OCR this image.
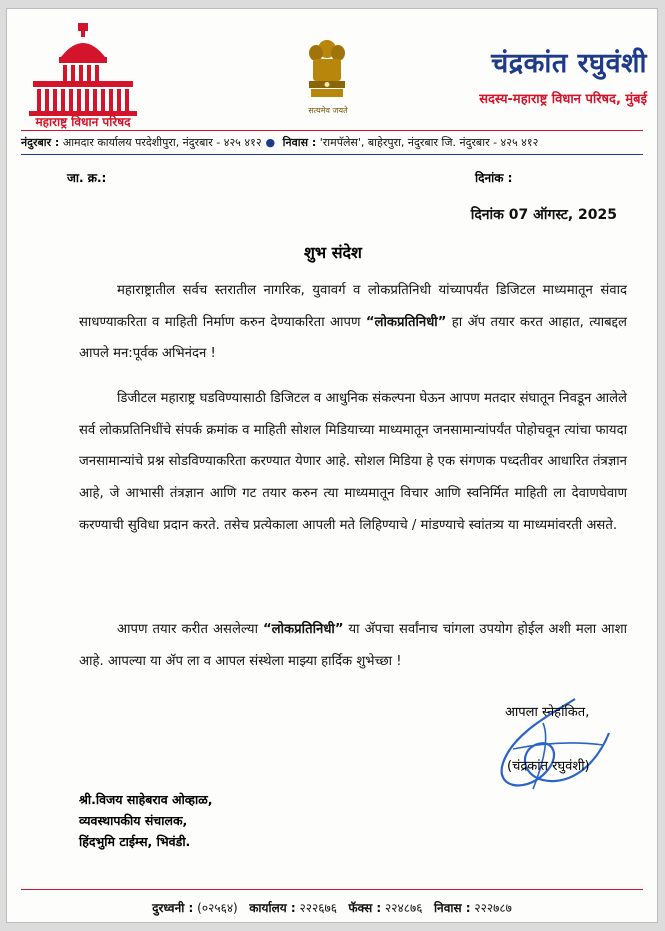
महाराष्ट्र विधान परिषद
सत्यमेव जयते
चंद्रकांत रघुवंशी
सदस्य-महाराष्ट्र विधान परिषद, मुंबई
नंदुरबार : आमदार कार्यालय परदेशीपुरा, नंदुरबार - ४२५ ४१२ ● निवास : 'रामपॅलेस', बाहेरपुरा, नंदुरबार जि. नंदुरबार - ४२५ ४१२
जा. क्र.:	दिनांक :
दिनांक 07 ऑगस्ट, 2025
शुभ संदेश

महाराष्ट्रातील सर्वच स्तरातील नागरिक, युवावर्ग व लोकप्रतिनिधी यांच्यापर्यंत डिजिटल माध्यमातून संवाद साधण्याकरिता व माहिती निर्माण करुन देण्याकरिता आपण “लोकप्रतिनिधी” हा ॲप तयार करत आहात, त्याबद्दल आपले मन:पूर्वक अभिनंदन !

डिजीटल महाराष्ट्र घडविण्यासाठी डिजिटल व आधुनिक संकल्पना घेऊन आपण मतदार संघातून निवडून आलेले सर्व लोकप्रतिनिधींचे संपर्क क्रमांक व माहिती सोशल मिडियाच्या माध्यमातून जनसामान्यांपर्यंत पोहोचवून त्यांचा फायदा जनसामान्यांचे प्रश्न सोडविण्याकरिता करण्यात येणार आहे. सोशल मिडिया हे एक संगणक पध्दतीवर आधारित तंत्रज्ञान आहे, जे आभासी तंत्रज्ञान आणि गट तयार करुन त्या माध्यमातून विचार आणि स्वनिर्मित माहिती ला देवाणघेवाण करण्याची सुविधा प्रदान करते. तसेच प्रत्येकाला आपली मते लिहिण्याचे / मांडण्याचे स्वांतत्र्य या माध्यमांवरती असते.

आपण तयार करीत असलेल्या “लोकप्रतिनिधी” या ॲपचा सर्वांनाच चांगला उपयोग होईल अशी मला आशा आहे. आपल्या या ॲप ला व आपल संस्थेला माझ्या हार्दिक शुभेच्छा !

आपला स्नेहांकित,
(चंद्रकांत रघुवंशी)
श्री.विजय साहेबराव ओव्हाळ,
व्यवस्थापकीय संचालक,
हिंदभुमि टाईम्स, भिवंडी.
दुरध्वनी : (०२५६४) कार्यालय : २२२६७६ फॅक्स : २२४८७६ निवास : २२२७८७
